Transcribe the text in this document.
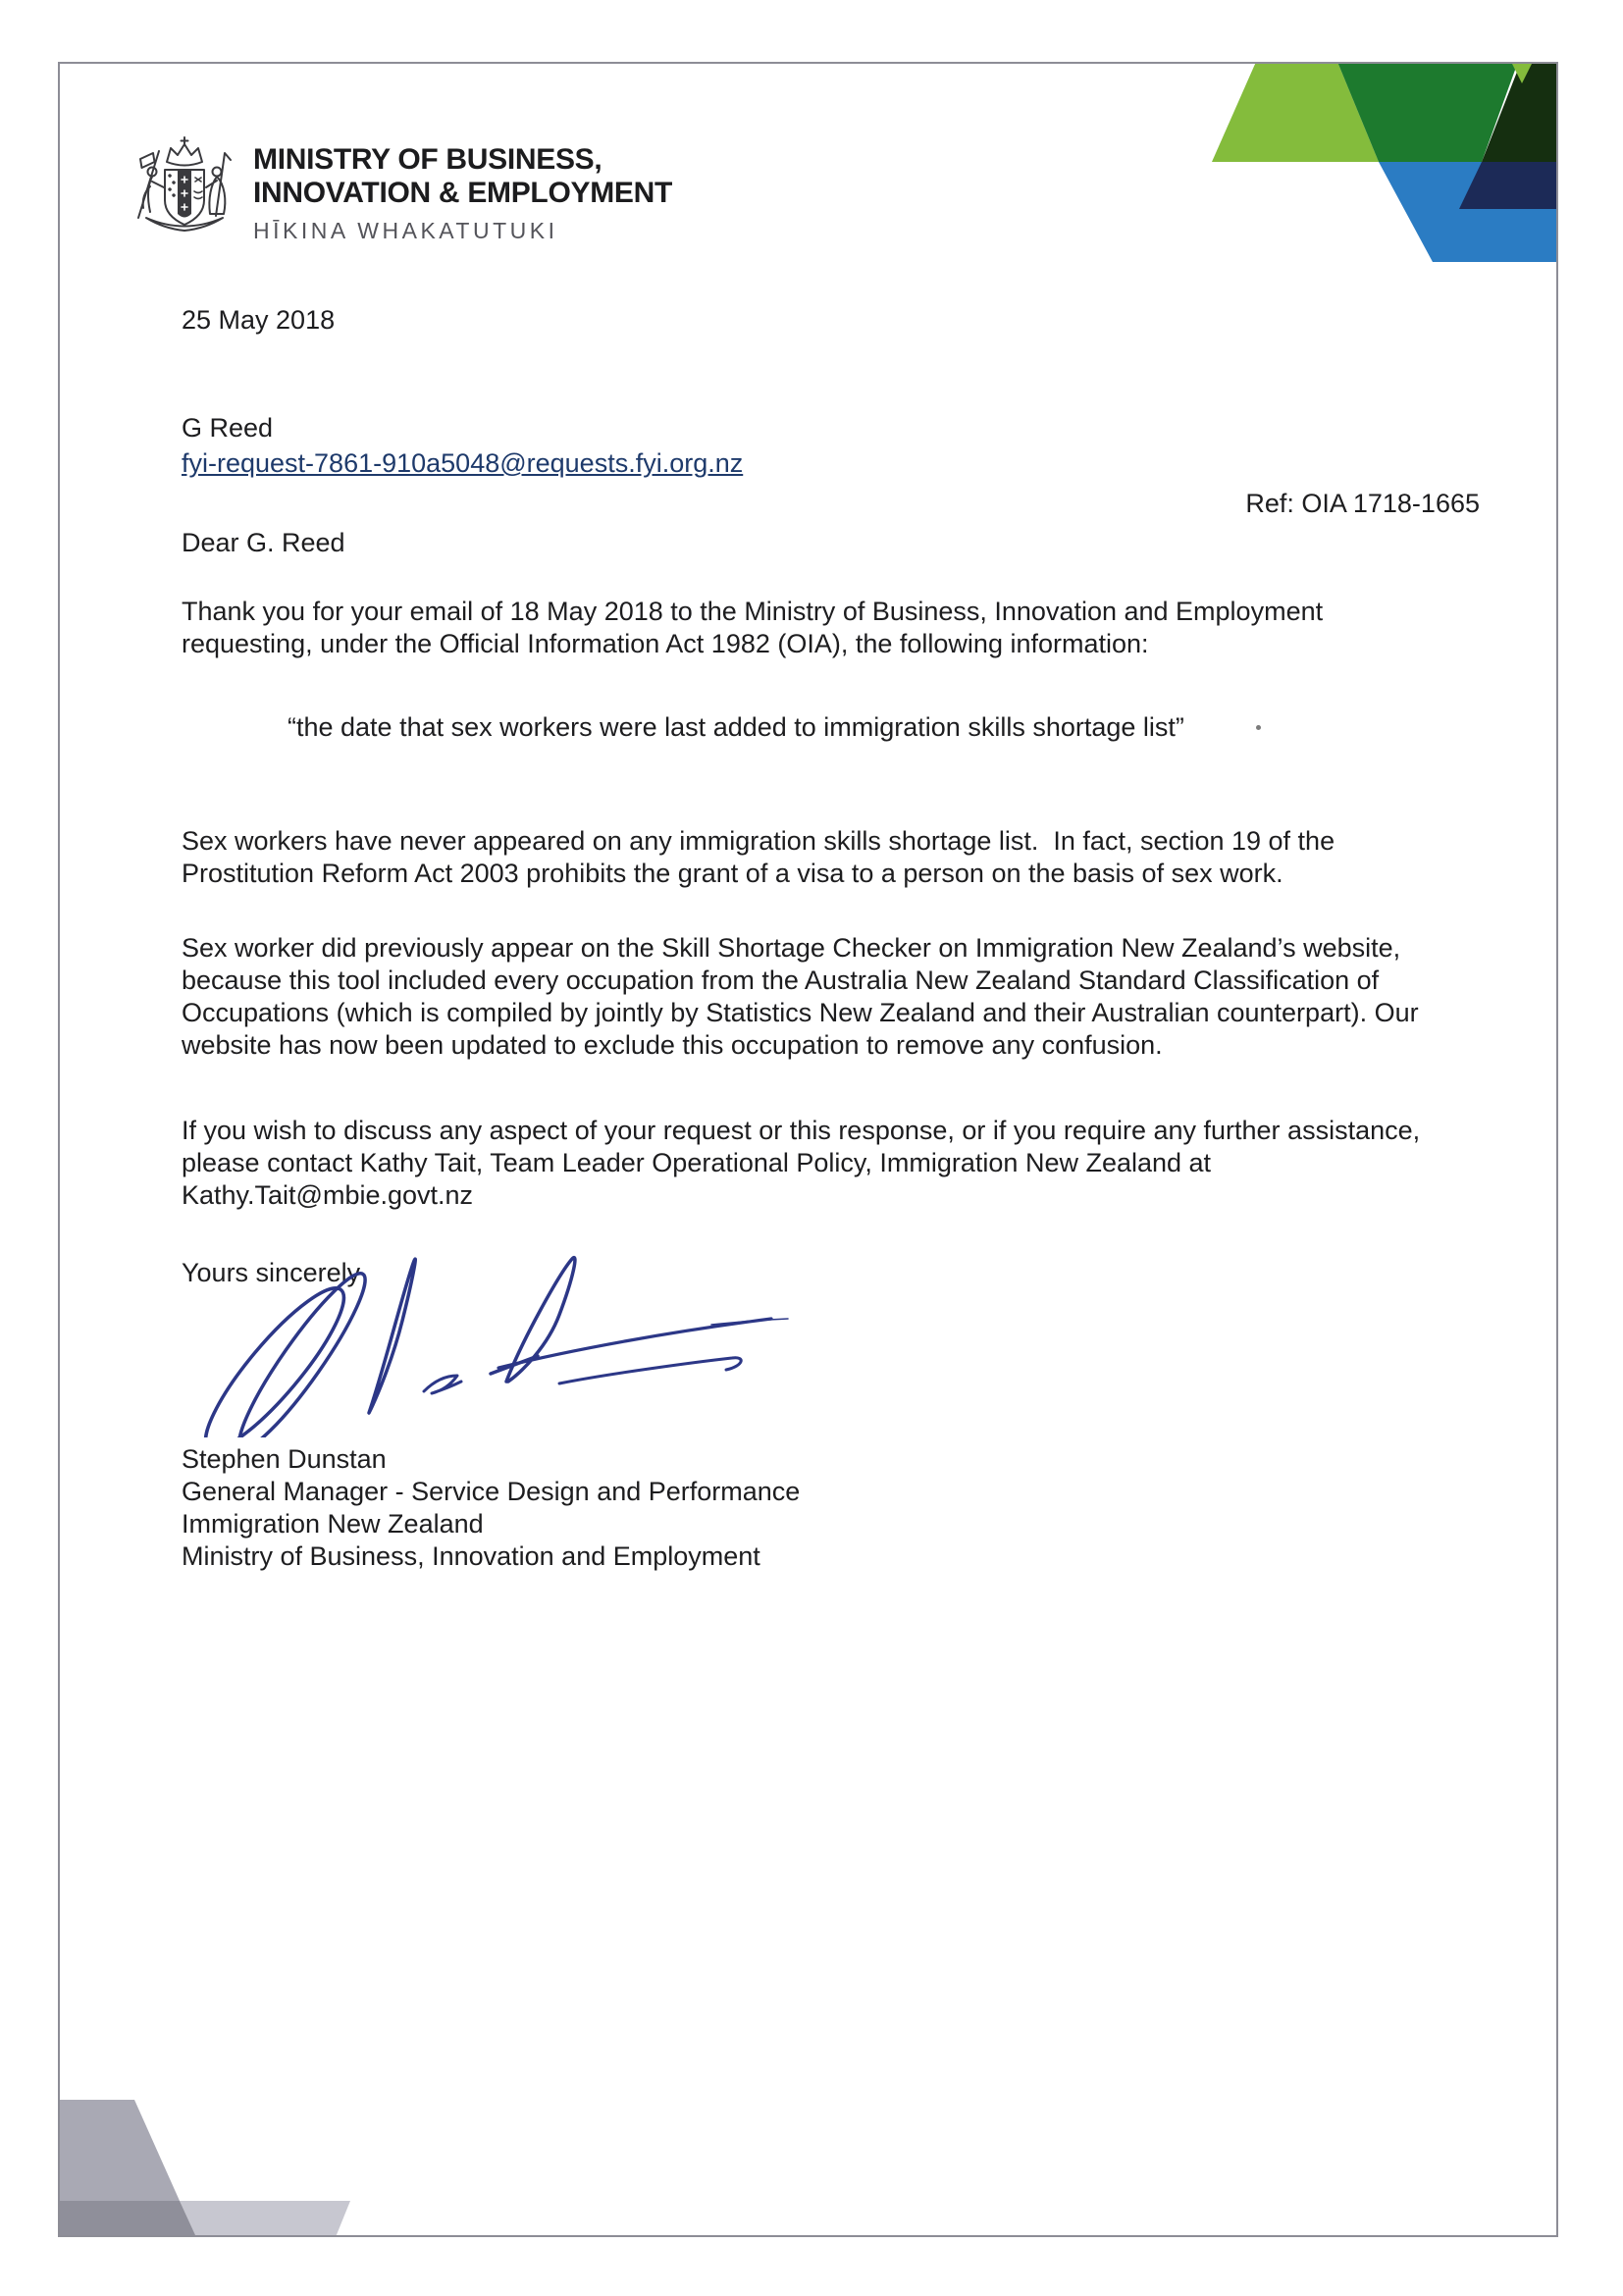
MINISTRY OF BUSINESS,
INNOVATION & EMPLOYMENT
HĪKINA WHAKATUTUKI
25 May 2018
G Reed
fyi-request-7861-910a5048@requests.fyi.org.nz
Ref: OIA 1718-1665
Dear G. Reed
Thank you for your email of 18 May 2018 to the Ministry of Business, Innovation and Employment
requesting, under the Official Information Act 1982 (OIA), the following information:
“the date that sex workers were last added to immigration skills shortage list”
Sex workers have never appeared on any immigration skills shortage list.  In fact, section 19 of the
Prostitution Reform Act 2003 prohibits the grant of a visa to a person on the basis of sex work.
Sex worker did previously appear on the Skill Shortage Checker on Immigration New Zealand’s website,
because this tool included every occupation from the Australia New Zealand Standard Classification of
Occupations (which is compiled by jointly by Statistics New Zealand and their Australian counterpart). Our
website has now been updated to exclude this occupation to remove any confusion.
If you wish to discuss any aspect of your request or this response, or if you require any further assistance,
please contact Kathy Tait, Team Leader Operational Policy, Immigration New Zealand at
Kathy.Tait@mbie.govt.nz
Yours sincerely
Stephen Dunstan
General Manager - Service Design and Performance
Immigration New Zealand
Ministry of Business, Innovation and Employment
